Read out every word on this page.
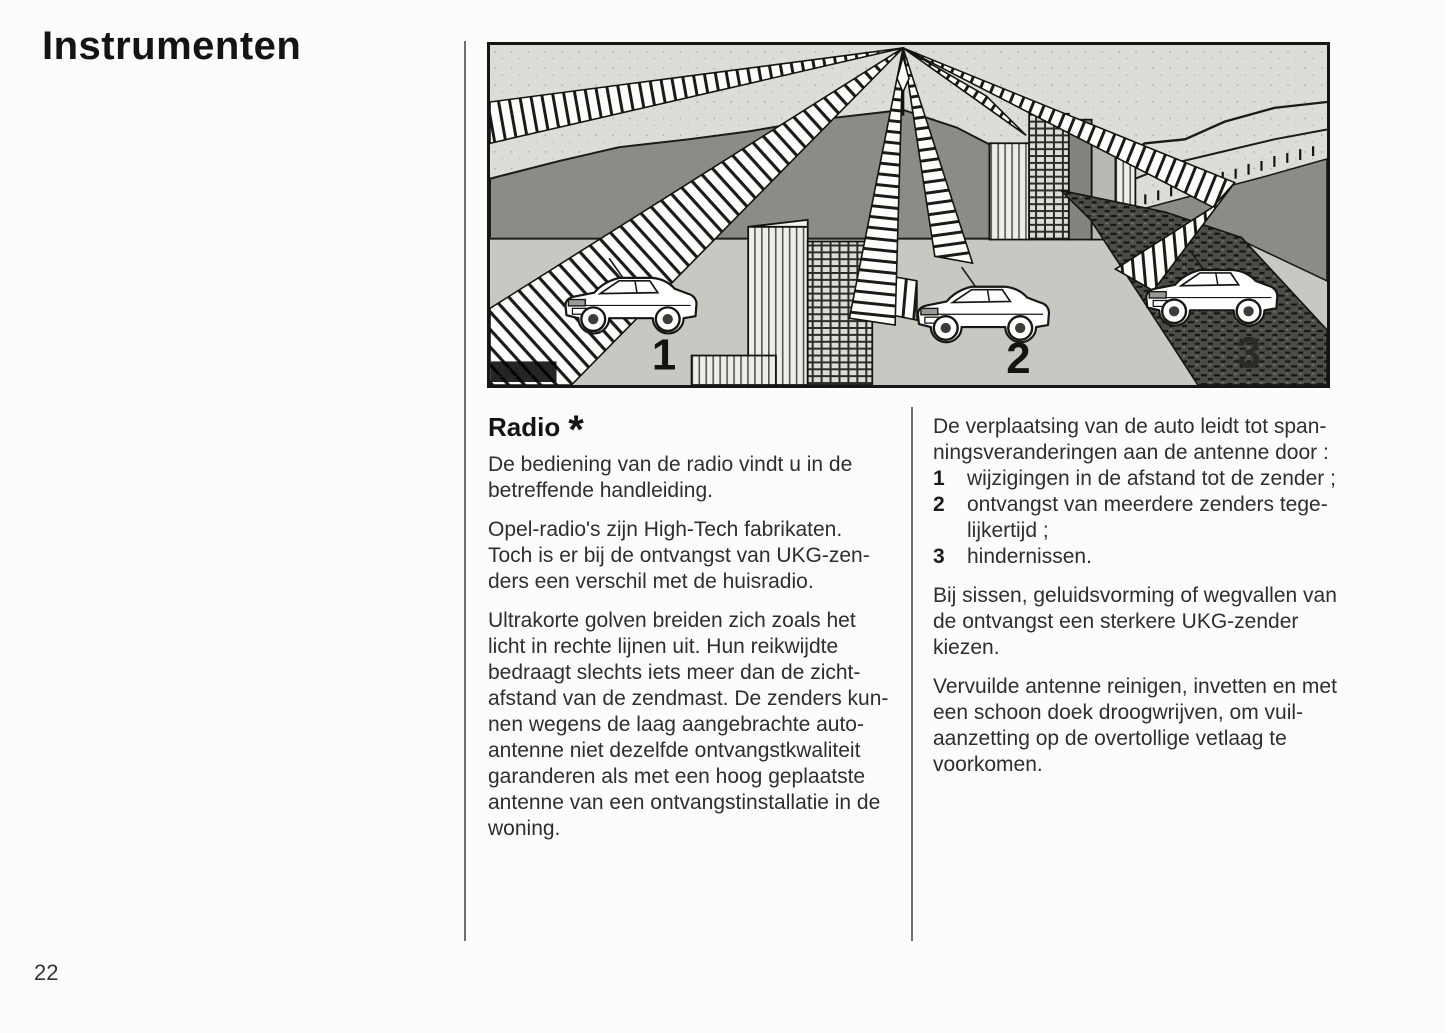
Instrumenten
1	2	3
2831 A
Radio *
De bediening van de radio vindt u in de
betreffende handleiding.
Opel-radio's zijn High-Tech fabrikaten.
Toch is er bij de ontvangst van UKG-zen-
ders een verschil met de huisradio.
Ultrakorte golven breiden zich zoals het
licht in rechte lijnen uit. Hun reikwijdte
bedraagt slechts iets meer dan de zicht-
afstand van de zendmast. De zenders kun-
nen wegens de laag aangebrachte auto-
antenne niet dezelfde ontvangstkwaliteit
garanderen als met een hoog geplaatste
antenne van een ontvangstinstallatie in de
woning.
De verplaatsing van de auto leidt tot span-
ningsveranderingen aan de antenne door :
1	wijzigingen in de afstand tot de zender ;
2	ontvangst van meerdere zenders tege-
lijkertijd ;
3	hindernissen.
Bij sissen, geluidsvorming of wegvallen van
de ontvangst een sterkere UKG-zender
kiezen.
Vervuilde antenne reinigen, invetten en met
een schoon doek droogwrijven, om vuil-
aanzetting op de overtollige vetlaag te
voorkomen.
22
